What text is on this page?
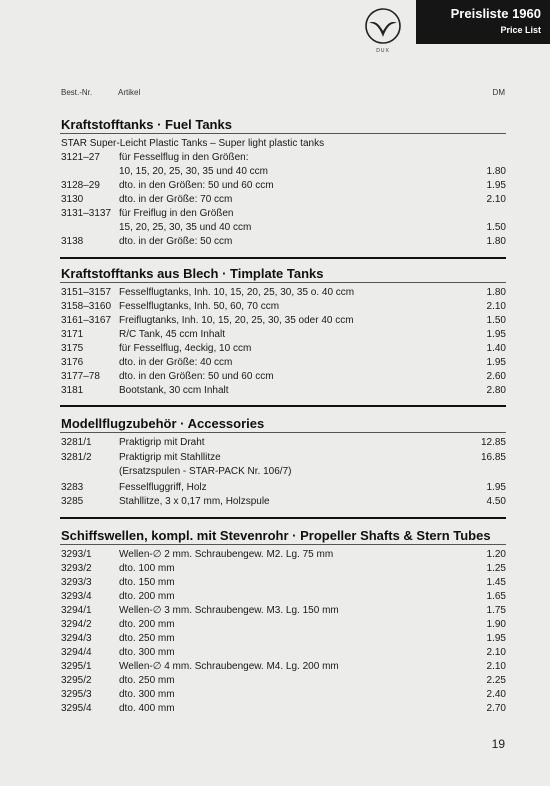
DUX
Preisliste 1960
Price List
Best.-Nr.	Artikel	DM
Kraftstofftanks · Fuel Tanks
STAR Super-Leicht Plastic Tanks – Super light plastic tanks
3121–27 für Fesselflug in den Größen:
10, 15, 20, 25, 30, 35 und 40 ccm	1.80
3128–29 dto. in den Größen: 50 und 60 ccm	1.95
3130	dto. in der Größe: 70 ccm	2.10
3131–3137 für Freiflug in den Größen
15, 20, 25, 30, 35 und 40 ccm	1.50
3138	dto. in der Größe: 50 ccm	1.80
Kraftstofftanks aus Blech · Timplate Tanks
3151–3157 Fesselflugtanks, Inh. 10, 15, 20, 25, 30, 35 o. 40 ccm	1.80
3158–3160 Fesselflugtanks, Inh. 50, 60, 70 ccm	2.10
3161–3167 Freiflugtanks, Inh. 10, 15, 20, 25, 30, 35 oder 40 ccm	1.50
3171	R/C Tank, 45 ccm Inhalt	1.95
3175	für Fesselflug, 4eckig, 10 ccm	1.40
3176	dto. in der Größe: 40 ccm	1.95
3177–78 dto. in den Größen: 50 und 60 ccm	2.60
3181	Bootstank, 30 ccm Inhalt	2.80
Modellflugzubehör · Accessories
3281/1	Praktigrip mit Draht	12.85
3281/2	Praktigrip mit Stahllitze	16.85
(Ersatzspulen - STAR-PACK Nr. 106/7)
3283	Fesselfluggriff, Holz	1.95
3285	Stahllitze, 3 x 0,17 mm, Holzspule	4.50
Schiffswellen, kompl. mit Stevenrohr · Propeller Shafts & Stern Tubes
3293/1	Wellen-∅ 2 mm. Schraubengew. M2. Lg. 75 mm	1.20
3293/2	dto. 100 mm	1.25
3293/3	dto. 150 mm	1.45
3293/4	dto. 200 mm	1.65
3294/1	Wellen-∅ 3 mm. Schraubengew. M3. Lg. 150 mm	1.75
3294/2	dto. 200 mm	1.90
3294/3	dto. 250 mm	1.95
3294/4	dto. 300 mm	2.10
3295/1	Wellen-∅ 4 mm. Schraubengew. M4. Lg. 200 mm	2.10
3295/2	dto. 250 mm	2.25
3295/3	dto. 300 mm	2.40
3295/4	dto. 400 mm	2.70
19
